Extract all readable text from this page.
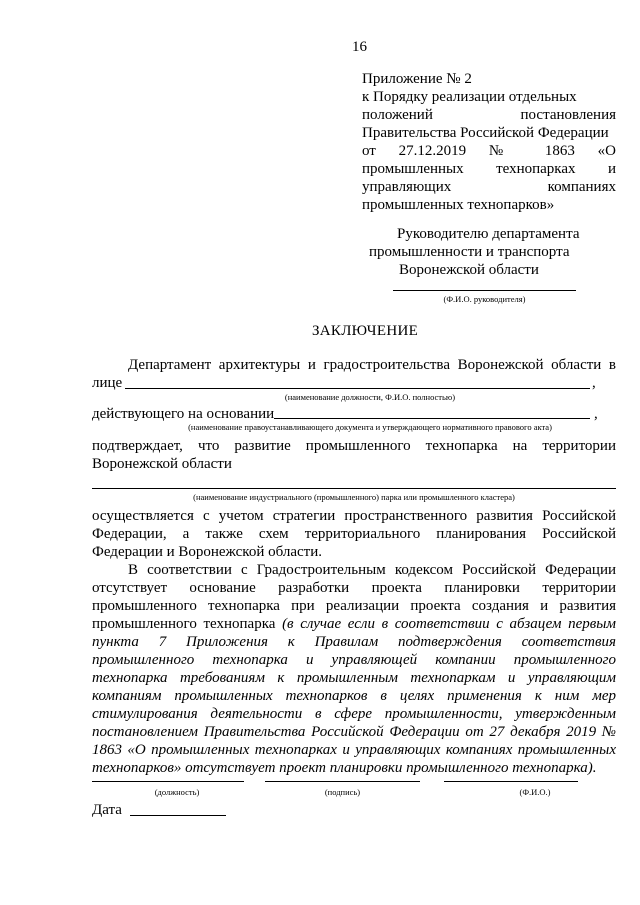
16
Приложение № 2
к Порядку реализации отдельных
положений постановления
Правительства Российской Федерации
от 27.12.2019 № 1863 «О
промышленных технопарках и
управляющих компаниях
промышленных технопарков»
Руководителю департамента
промышленности и транспорта
Воронежской области
(Ф.И.О. руководителя)
ЗАКЛЮЧЕНИЕ
Департамент архитектуры и градостроительства Воронежской области в
лице	,
(наименование должности, Ф.И.О. полностью)
действующего на основании	,
(наименование правоустанавливающего документа и утверждающего нормативного правового акта)
подтверждает, что развитие промышленного технопарка на территории
Воронежской области
(наименование индустриального (промышленного) парка или промышленного кластера)
осуществляется с учетом стратегии пространственного развития Российской
Федерации, а также схем территориального планирования Российской
Федерации и Воронежской области.
В соответствии с Градостроительным кодексом Российской Федерации
отсутствует основание разработки проекта планировки территории
промышленного технопарка при реализации проекта создания и развития
промышленного технопарка (в случае если в соответствии с абзацем первым
пункта 7 Приложения к Правилам подтверждения соответствия
промышленного технопарка и управляющей компании промышленного
технопарка требованиям к промышленным технопаркам и управляющим
компаниям промышленных технопарков в целях применения к ним мер
стимулирования деятельности в сфере промышленности, утвержденным
постановлением Правительства Российской Федерации от 27 декабря 2019 №
1863 «О промышленных технопарках и управляющих компаниях промышленных
технопарков» отсутствует проект планировки промышленного технопарка).
(должность)	(подпись)	(Ф.И.О.)
Дата
